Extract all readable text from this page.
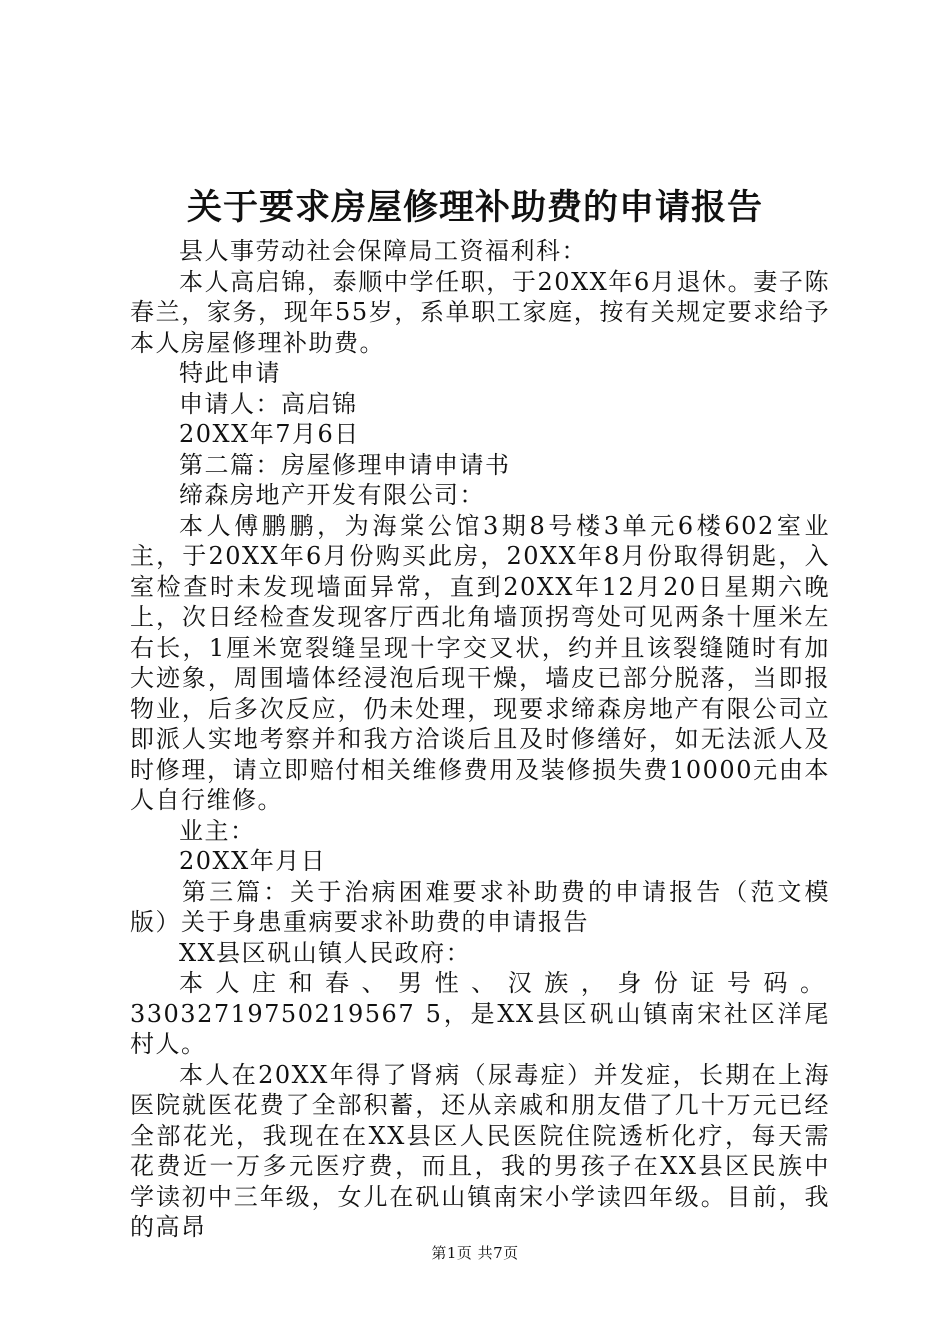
关于要求房屋修理补助费的申请报告

县人事劳动社会保障局工资福利科：

本人高启锦，泰顺中学任职，于20XX年6月退休。妻子陈春兰，家务，现年55岁，系单职工家庭，按有关规定要求给予本人房屋修理补助费。

特此申请

申请人：高启锦

20XX年7月6日

第二篇：房屋修理申请申请书

缔森房地产开发有限公司：

本人傅鹏鹏，为海棠公馆3期8号楼3单元6楼602室业主，于20XX年6月份购买此房，20XX年8月份取得钥匙，入室检查时未发现墙面异常，直到20XX年12月20日星期六晚上，次日经检查发现客厅西北角墙顶拐弯处可见两条十厘米左右长，1厘米宽裂缝呈现十字交叉状，约并且该裂缝随时有加大迹象，周围墙体经浸泡后现干燥，墙皮已部分脱落，当即报物业，后多次反应，仍未处理，现要求缔森房地产有限公司立即派人实地考察并和我方洽谈后且及时修缮好，如无法派人及时修理，请立即赔付相关维修费用及装修损失费10000元由本人自行维修。

业主：

20XX年月日

第三篇：关于治病困难要求补助费的申请报告（范文模版）关于身患重病要求补助费的申请报告

XX县区矾山镇人民政府：

本人庄和春、男性、汉族，身份证号码。

33032719750219567 5，是XX县区矾山镇南宋社区洋尾村人。

本人在20XX年得了肾病（尿毒症）并发症，长期在上海医院就医花费了全部积蓄，还从亲戚和朋友借了几十万元已经全部花光，我现在在XX县区人民医院住院透析化疗，每天需花费近一万多元医疗费，而且，我的男孩子在XX县区民族中学读初中三年级，女儿在矾山镇南宋小学读四年级。目前，我的高昂

第1页 共7页
